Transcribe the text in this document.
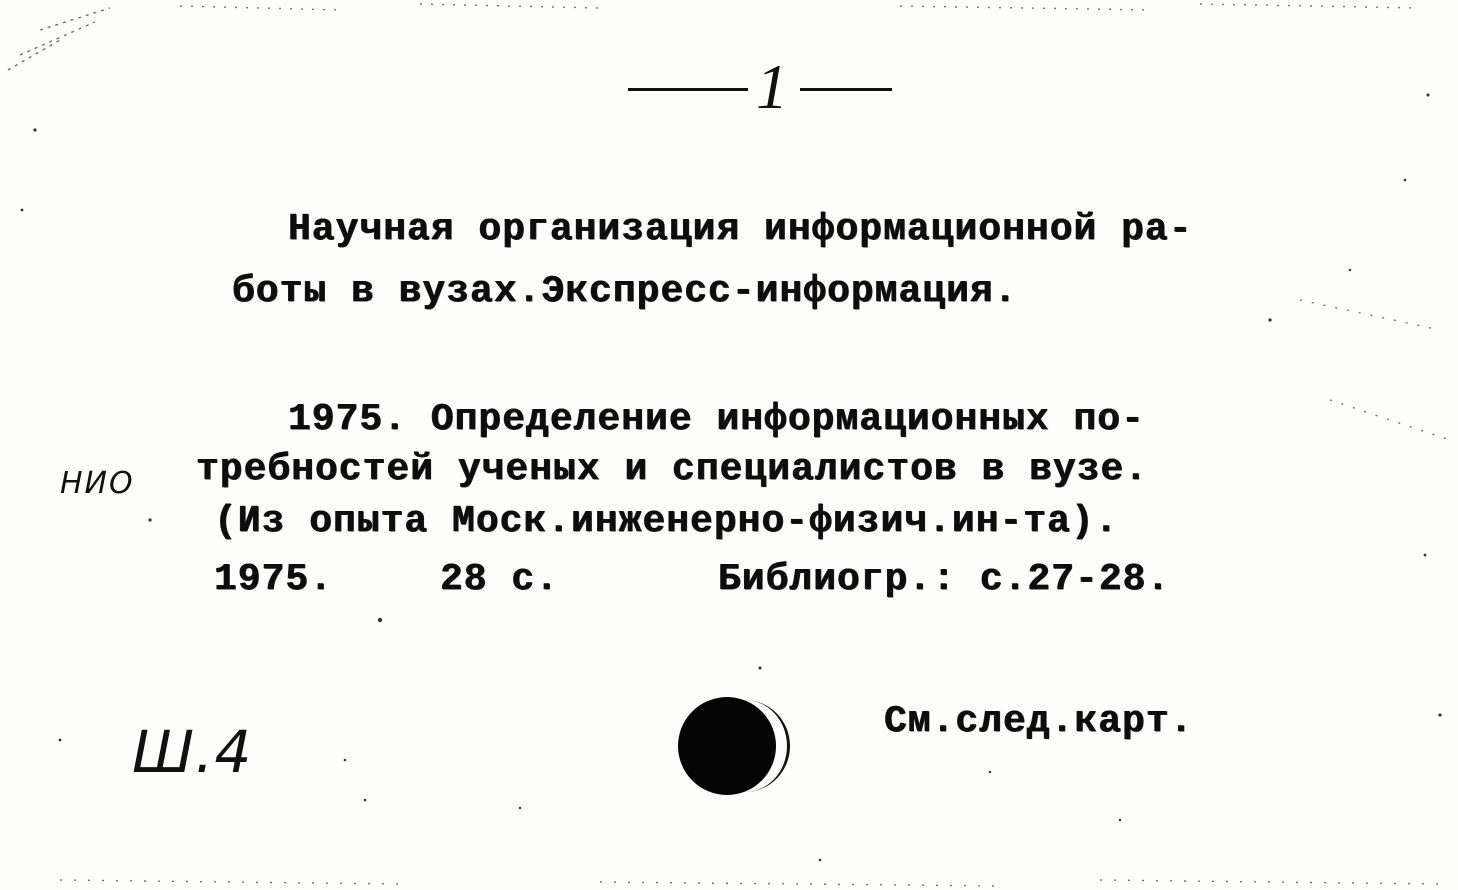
1
Научная организация информационной ра-
боты в вузах.Экспресс-информация.
1975. Определение информационных по-
требностей ученых и специалистов в вузе.
(Из опыта Моск.инженерно-физич.ин-та).
1975.	28 с.	Библиогр.: с.27-28.
НИО
Ш.4	См.след.карт.
